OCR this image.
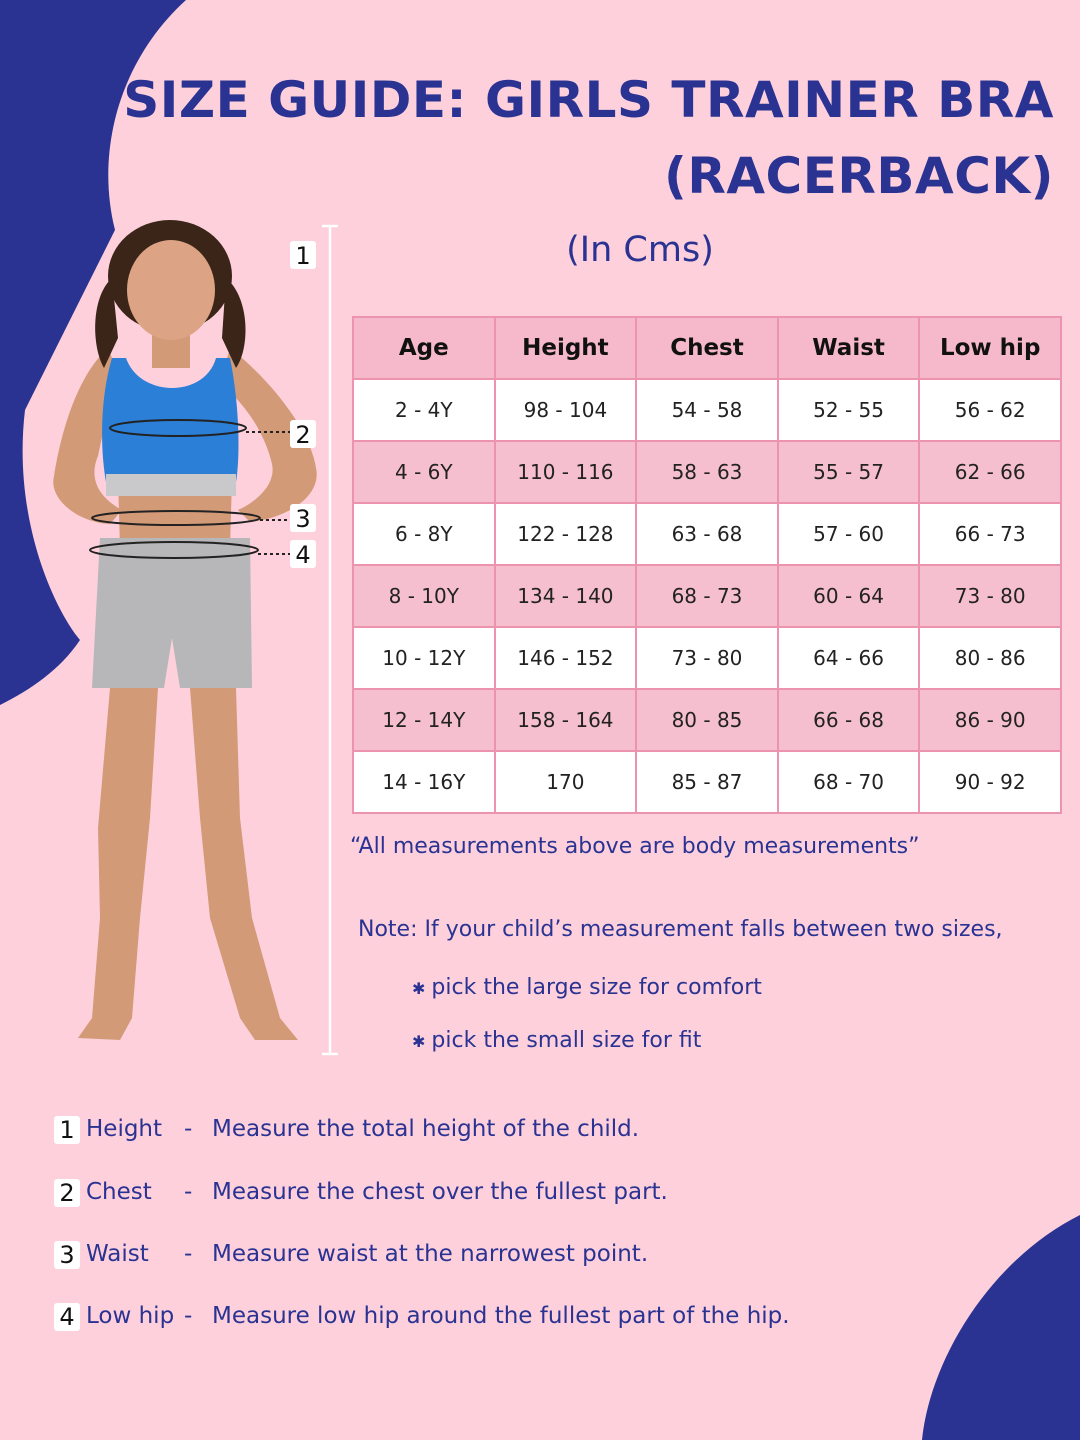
SIZE GUIDE: GIRLS TRAINER BRA
(RACERBACK)
(In Cms)
1
2
3
4
Age	Height	Chest	Waist	Low hip
2 - 4Y	98 - 104	54 - 58	52 - 55	56 - 62
4 - 6Y	110 - 116	58 - 63	55 - 57	62 - 66
6 - 8Y	122 - 128	63 - 68	57 - 60	66 - 73
8 - 10Y	134 - 140	68 - 73	60 - 64	73 - 80
10 - 12Y	146 - 152	73 - 80	64 - 66	80 - 86
12 - 14Y	158 - 164	80 - 85	66 - 68	86 - 90
14 - 16Y	170	85 - 87	68 - 70	90 - 92
“All measurements above are body measurements”
Note: If your child’s measurement falls between two sizes,
✱ pick the large size for comfort
✱ pick the small size for fit
1 Height - Measure the total height of the child.
2 Chest - Measure the chest over the fullest part.
3 Waist - Measure waist at the narrowest point.
4 Low hip - Measure low hip around the fullest part of the hip.
